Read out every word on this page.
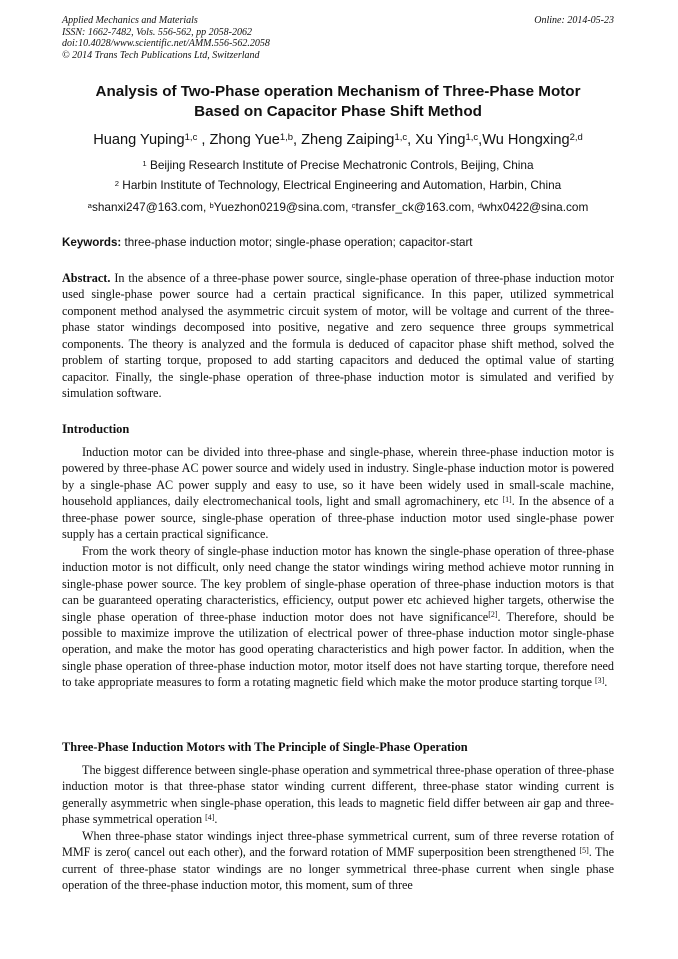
Applied Mechanics and Materials
ISSN: 1662-7482, Vols. 556-562, pp 2058-2062
doi:10.4028/www.scientific.net/AMM.556-562.2058
© 2014 Trans Tech Publications Ltd, Switzerland
Online: 2014-05-23
Analysis of Two-Phase operation Mechanism of Three-Phase Motor
Based on Capacitor Phase Shift Method
Huang Yuping$^{1,c}$ , Zhong Yue$^{1,b}$, Zheng Zaiping$^{1,c}$, Xu Ying$^{1,c}$,Wu Hongxing$^{2,d}$
$^1$ Beijing Research Institute of Precise Mechatronic Controls, Beijing, China
$^2$ Harbin Institute of Technology, Electrical Engineering and Automation, Harbin, China
$^a$shanxi247@163.com, $^b$Yuezhon0219@sina.com, $^c$transfer_ck@163.com, $^d$whx0422@sina.com
Keywords: three-phase induction motor; single-phase operation; capacitor-start

Abstract. In the absence of a three-phase power source, single-phase operation of three-phase induction motor used single-phase power source had a certain practical significance. In this paper, utilized symmetrical component method analysed the asymmetric circuit system of motor, will be voltage and current of the three-phase stator windings decomposed into positive, negative and zero sequence three groups symmetrical components. The theory is analyzed and the formula is deduced of capacitor phase shift method, solved the problem of starting torque, proposed to add starting capacitors and deduced the optimal value of starting capacitor. Finally, the single-phase operation of three-phase induction motor is simulated and verified by simulation software.

Introduction

Induction motor can be divided into three-phase and single-phase, wherein three-phase induction motor is powered by three-phase AC power source and widely used in industry. Single-phase induction motor is powered by a single-phase AC power supply and easy to use, so it have been widely used in small-scale machine, household appliances, daily electromechanical tools, light and small agromachinery, etc [1]. In the absence of a three-phase power source, single-phase operation of three-phase induction motor used single-phase power supply has a certain practical significance.

From the work theory of single-phase induction motor has known the single-phase operation of three-phase induction motor is not difficult, only need change the stator windings wiring method achieve motor running in single-phase power source. The key problem of single-phase operation of three-phase induction motors is that can be guaranteed operating characteristics, efficiency, output power etc achieved higher targets, otherwise the single phase operation of three-phase induction motor does not have significance[2]. Therefore, should be possible to maximize improve the utilization of electrical power of three-phase induction motor single-phase operation, and make the motor has good operating characteristics and high power factor. In addition, when the single phase operation of three-phase induction motor, motor itself does not have starting torque, therefore need to take appropriate measures to form a rotating magnetic field which make the motor produce starting torque [3].

Three-Phase Induction Motors with The Principle of Single-Phase Operation

The biggest difference between single-phase operation and symmetrical three-phase operation of three-phase induction motor is that three-phase stator winding current different, three-phase stator winding current is generally asymmetric when single-phase operation, this leads to magnetic field differ between air gap and three-phase symmetrical operation [4].

When three-phase stator windings inject three-phase symmetrical current, sum of three reverse rotation of MMF is zero( cancel out each other), and the forward rotation of MMF superposition been strengthened [5]. The current of three-phase stator windings are no longer symmetrical three-phase current when single phase operation of the three-phase induction motor, this moment, sum of three
